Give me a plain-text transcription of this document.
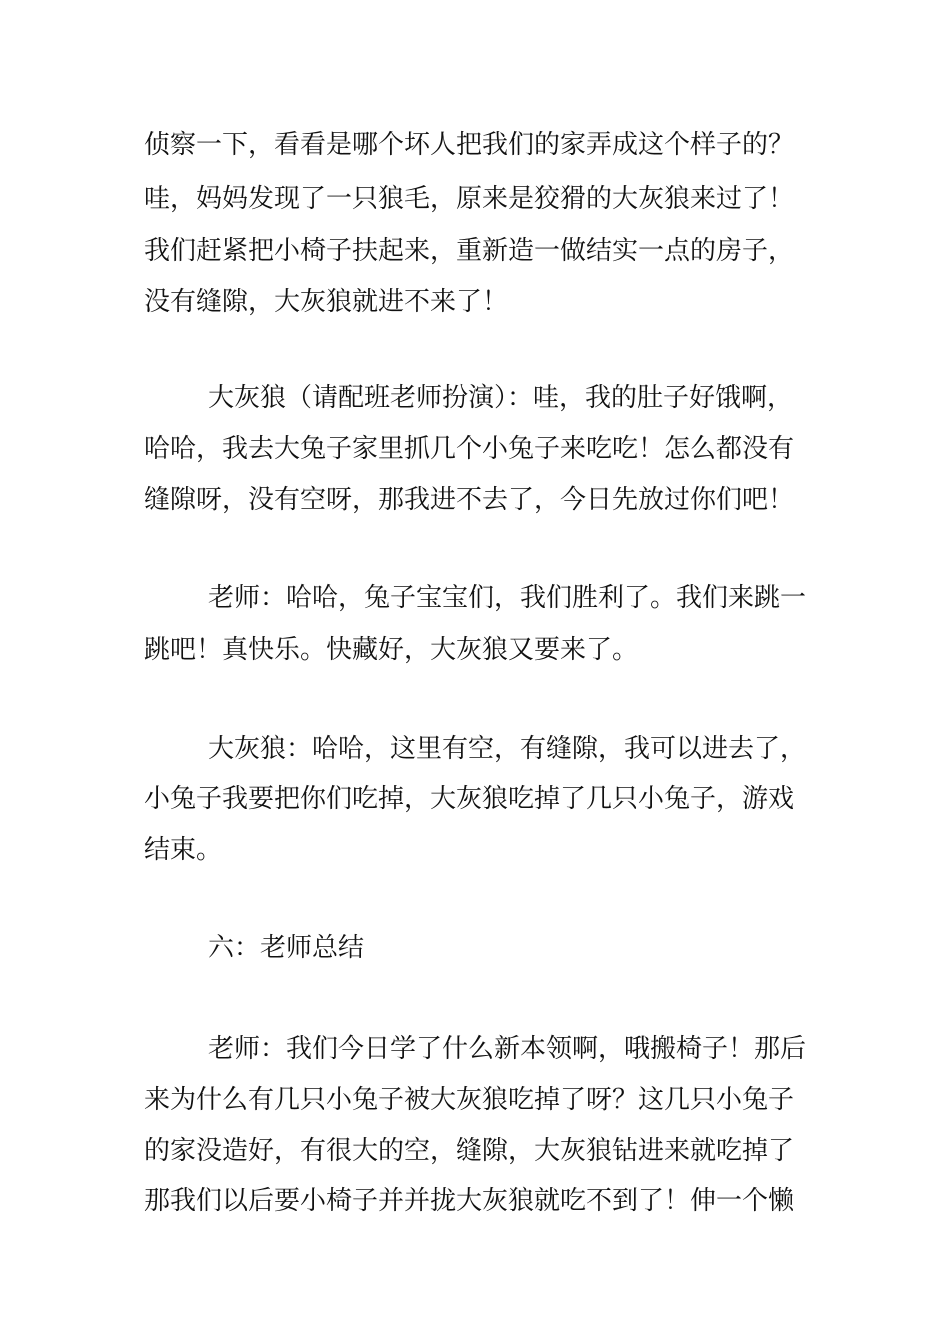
侦察一下，看看是哪个坏人把我们的家弄成这个样子的？
哇，妈妈发现了一只狼毛，原来是狡猾的大灰狼来过了！
我们赶紧把小椅子扶起来，重新造一做结实一点的房子，
没有缝隙，大灰狼就进不来了！
大灰狼（请配班老师扮演）：哇，我的肚子好饿啊，
哈哈，我去大兔子家里抓几个小兔子来吃吃！怎么都没有
缝隙呀，没有空呀，那我进不去了，今日先放过你们吧！
老师：哈哈，兔子宝宝们，我们胜利了。我们来跳一
跳吧！真快乐。快藏好，大灰狼又要来了。
大灰狼：哈哈，这里有空，有缝隙，我可以进去了，
小兔子我要把你们吃掉，大灰狼吃掉了几只小兔子，游戏
结束。
六：老师总结
老师：我们今日学了什么新本领啊，哦搬椅子！那后
来为什么有几只小兔子被大灰狼吃掉了呀？这几只小兔子
的家没造好，有很大的空，缝隙，大灰狼钻进来就吃掉了
那我们以后要小椅子并并拢大灰狼就吃不到了！伸一个懒
